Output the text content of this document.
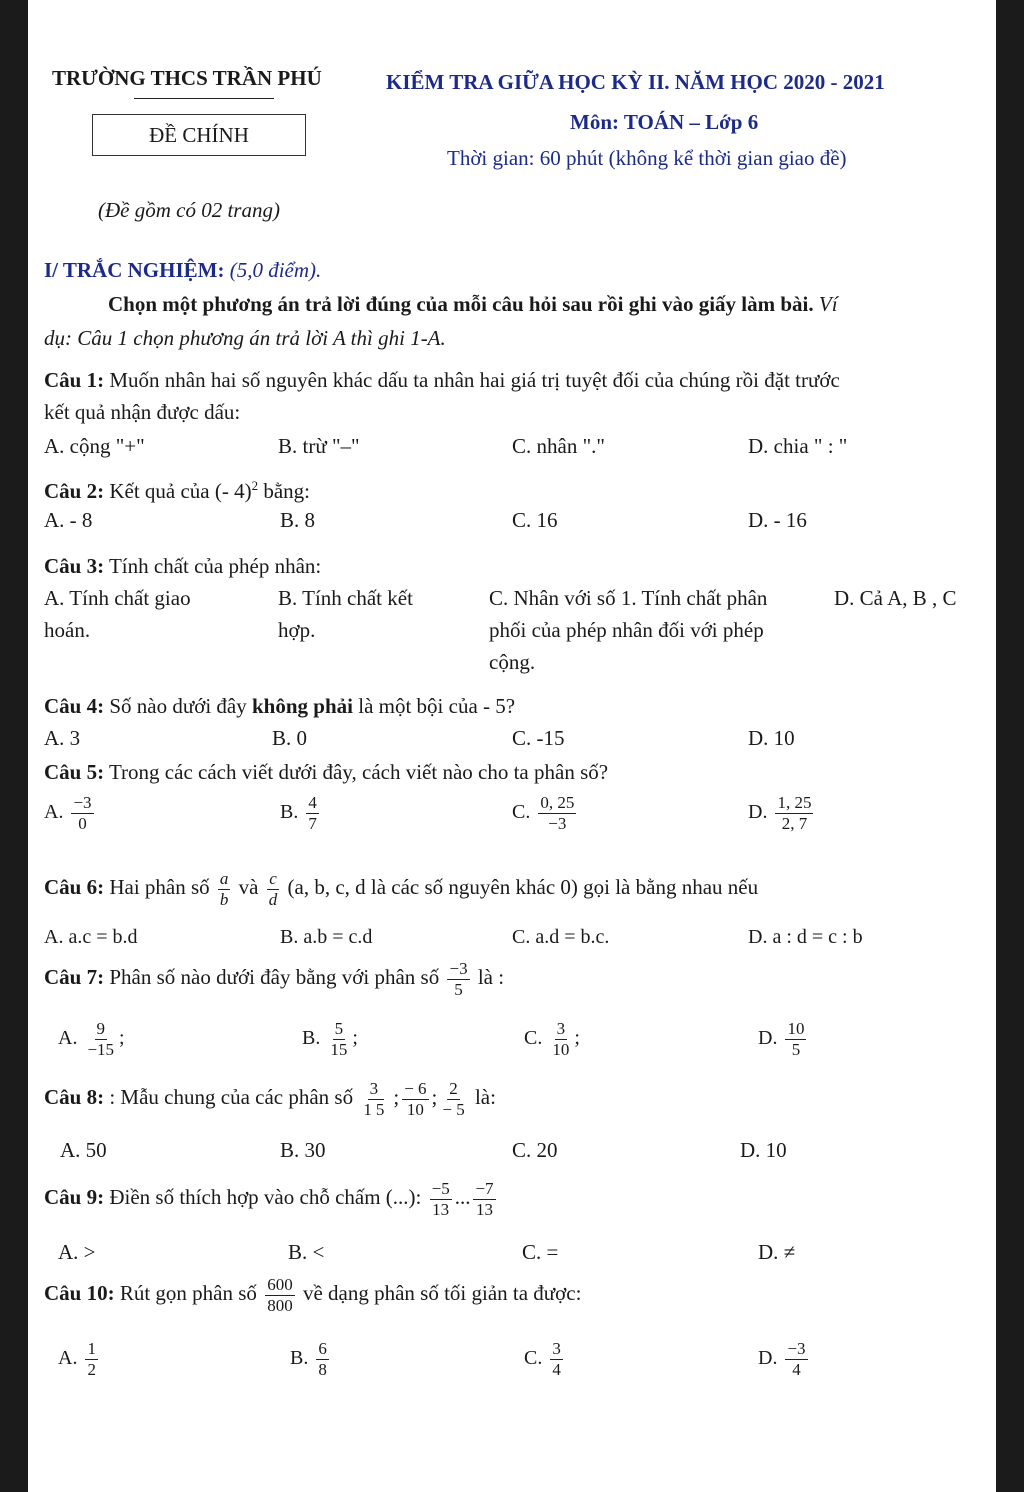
TRƯỜNG THCS TRẦN PHÚ	KIỂM TRA GIỮA HỌC KỲ II. NĂM HỌC 2020 - 2021
ĐỀ CHÍNH
Môn: TOÁN – Lớp 6
Thời gian: 60 phút (không kể thời gian giao đề)
(Đề gồm có 02 trang)
I/ TRẮC NGHIỆM: (5,0 điểm).
Chọn một phương án trả lời đúng của mỗi câu hỏi sau rồi ghi vào giấy làm bài. Ví
dụ: Câu 1 chọn phương án trả lời A thì ghi 1-A.
Câu 1: Muốn nhân hai số nguyên khác dấu ta nhân hai giá trị tuyệt đối của chúng rồi đặt trước
kết quả nhận được dấu:
A. cộng "+"	B. trừ "–"	C. nhân "."	D. chia " : "
Câu 2: Kết quả của (- 4)$^2$ bằng:
A. - 8	B. 8	C. 16	D. - 16
Câu 3: Tính chất của phép nhân:
A. Tính chất giao
hoán.
B. Tính chất kết
hợp.
C. Nhân với số 1. Tính chất phân
phối của phép nhân đối với phép
cộng.
D. Cả A, B , C
Câu 4: Số nào dưới đây không phải là một bội của - 5?
A. 3	B. 0	C. -15	D. 10
Câu 5: Trong các cách viết dưới đây, cách viết nào cho ta phân số?
A. $\frac{-3}{0}$	B. $\frac{4}{7}$	C. $\frac{0, 25}{-3}$	D. $\frac{1, 25}{2, 7}$
Câu 6: Hai phân số $\frac{a}{b}$ và $\frac{c}{d} (a$, b, c, d là các số nguyên khác 0) gọi là bằng nhau nếu
A. a.c = b.d	B. a.b = c.d	C. a.d = b.c.	D. a : d = c : b
Câu 7: Phân số nào dưới đây bằng với phân số $\frac{-3}{5}$ là :
A. $\frac{9}{-15}$ ;	B. $\frac{5}{15}$ ;	C. $\frac{3}{10}$ ;	D. $\frac{10}{5}$
Câu 8: : Mẫu chung của các phân số $\frac{3}{15}$ ; $\frac{- 6}{10}$ ; $\frac{2}{- 5}$ là:
A. 50	B. 30	C. 20	D. 10
Câu 9: Điền số thích hợp vào chỗ chấm (...): $\frac{-5}{13}$ ... $\frac{-7}{13}$
A. >	B. <	C. =	D. ≠
Câu 10: Rút gọn phân số $\frac{600}{800}$ về dạng phân số tối giản ta được:
A. $\frac{1}{2}$	B. $\frac{6}{8}$	C. $\frac{3}{4}$	D. $\frac{-3}{4}$
